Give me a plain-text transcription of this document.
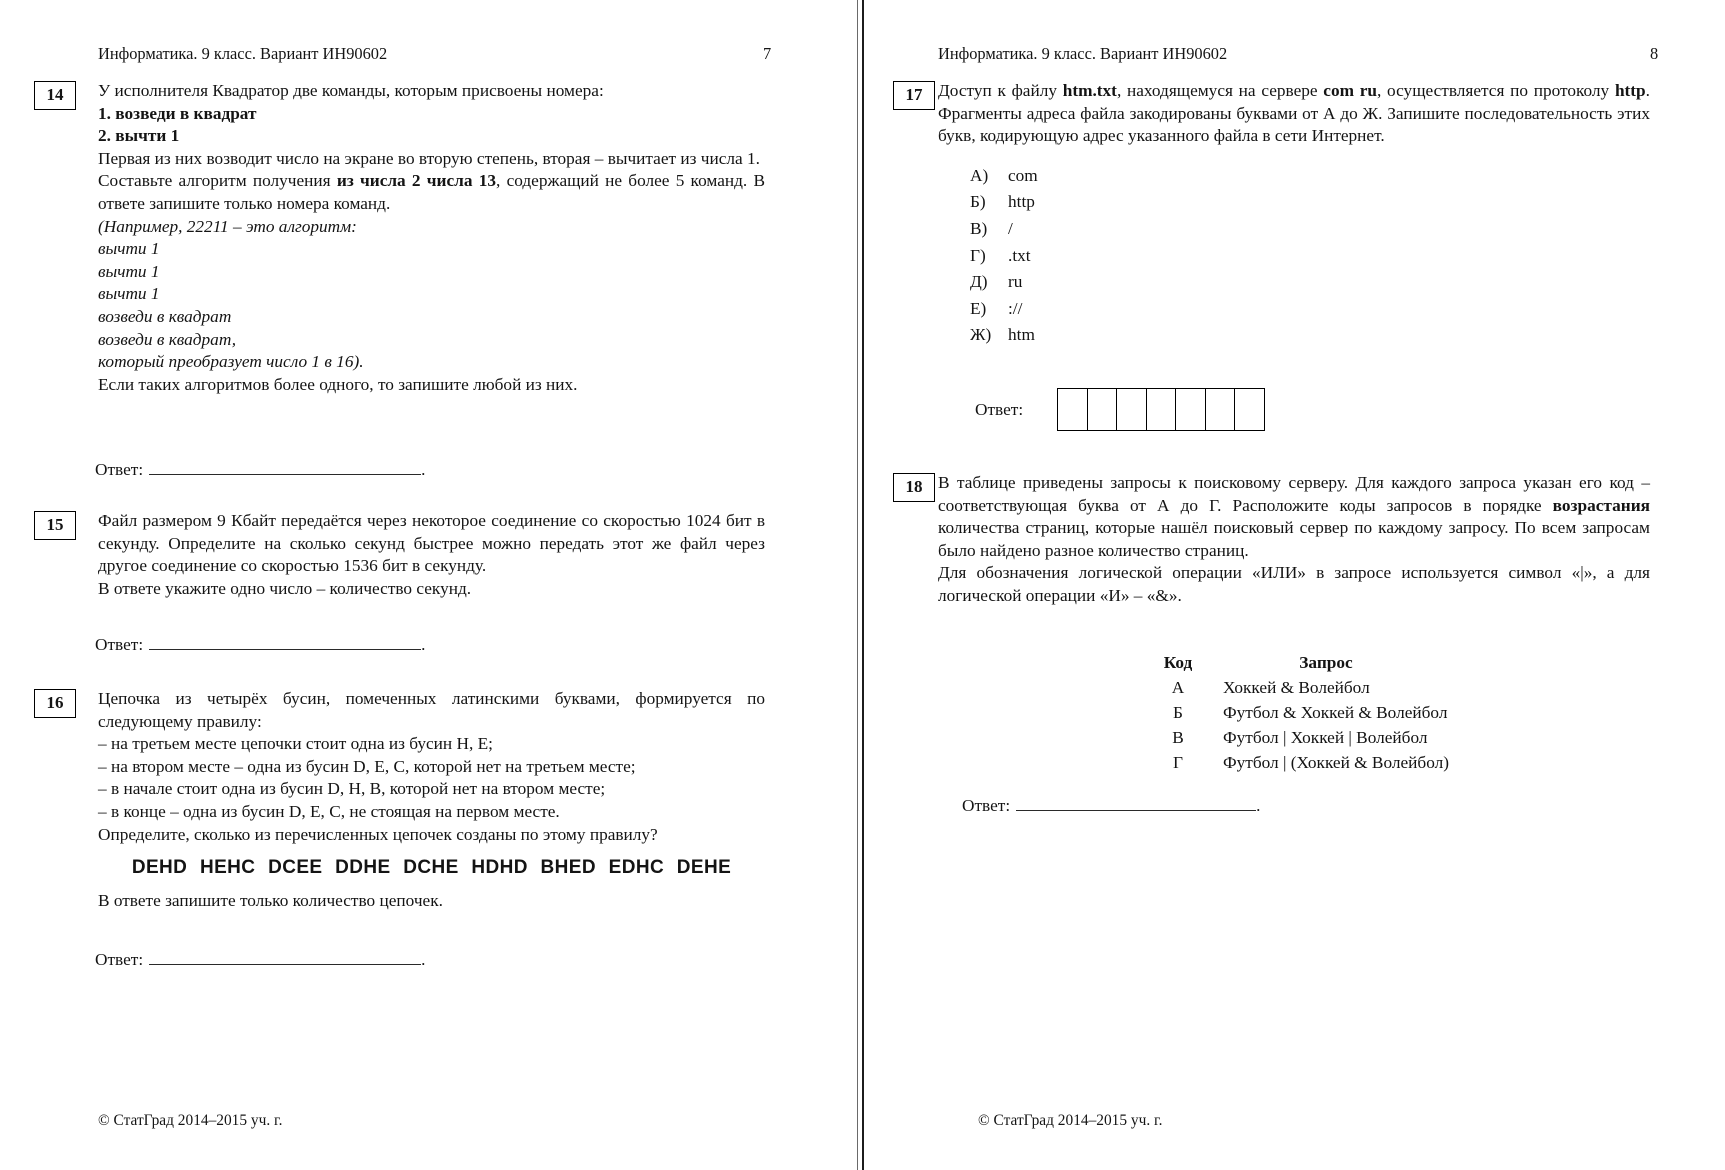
Информатика. 9 класс. Вариант ИН90602	7
14	У исполнителя Квадратор две команды, которым присвоены номера:
1. возведи в квадрат
2. вычти 1
Первая из них возводит число на экране во вторую степень, вторая – вычитает из числа 1.
Составьте алгоритм получения из числа 2 числа 13, содержащий не более 5 команд. В ответе запишите только номера команд.
(Например, 22211 – это алгоритм:
вычти 1
вычти 1
вычти 1
возведи в квадрат
возведи в квадрат,
который преобразует число 1 в 16).
Если таких алгоритмов более одного, то запишите любой из них.
Ответ:	.
15	Файл размером 9 Кбайт передаётся через некоторое соединение со скоростью 1024 бит в секунду. Определите на сколько секунд быстрее можно передать этот же файл через другое соединение со скоростью 1536 бит в секунду.
В ответе укажите одно число – количество секунд.
Ответ:	.
16	Цепочка из четырёх бусин, помеченных латинскими буквами, формируется по следующему правилу:
– на третьем месте цепочки стоит одна из бусин H, E;
– на втором месте – одна из бусин D, E, C, которой нет на третьем месте;
– в начале стоит одна из бусин D, H, B, которой нет на втором месте;
– в конце – одна из бусин D, E, C, не стоящая на первом месте.
Определите, сколько из перечисленных цепочек созданы по этому правилу?
DEHD HEHC DCEE DDHE DCHE HDHD BHED EDHC DEHE
В ответе запишите только количество цепочек.
Ответ:	.
© СтатГрад 2014–2015 уч. г.
Информатика. 9 класс. Вариант ИН90602	8
17 Доступ к файлу htm.txt, находящемуся на сервере com ru, осуществляется по протоколу http. Фрагменты адреса файла закодированы буквами от А до Ж. Запишите последовательность этих букв, кодирующую адрес указанного файла в сети Интернет.
А) com
Б) http
В) /
Г) .txt
Д) ru
Е) ://
Ж) htm
Ответ:
18 В таблице приведены запросы к поисковому серверу. Для каждого запроса указан его код – соответствующая буква от А до Г. Расположите коды запросов в порядке возрастания количества страниц, которые нашёл поисковый сервер по каждому запросу. По всем запросам было найдено разное количество страниц.
Для обозначения логической операции «ИЛИ» в запросе используется символ «|», а для логической операции «И» – «&».
Код	Запрос
А	Хоккей & Волейбол
Б	Футбол & Хоккей & Волейбол
В	Футбол | Хоккей | Волейбол
Г	Футбол | (Хоккей & Волейбол)
Ответ:	.
© СтатГрад 2014–2015 уч. г.
